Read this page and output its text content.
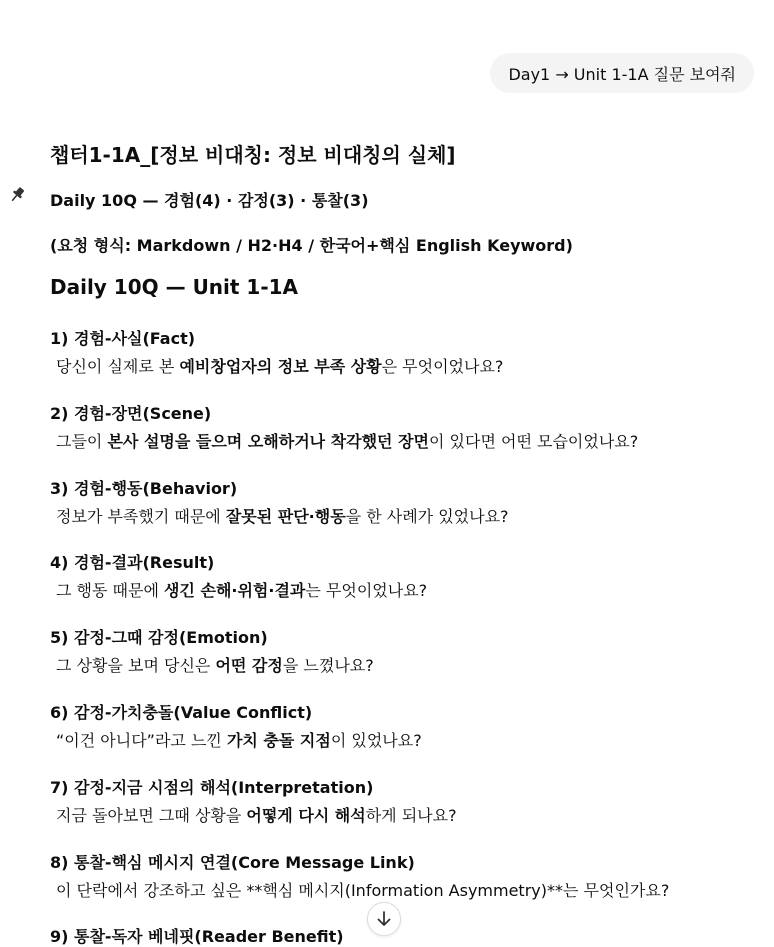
Day1 → Unit 1-1A 질문 보여줘
챕터1-1A_[정보 비대칭: 정보 비대칭의 실체]
Daily 10Q — 경험(4) · 감정(3) · 통찰(3)
(요청 형식: Markdown / H2·H4 / 한국어+핵심 English Keyword)
Daily 10Q — Unit 1-1A
1) 경험-사실(Fact)
당신이 실제로 본 예비창업자의 정보 부족 상황은 무엇이었나요?
2) 경험-장면(Scene)
그들이 본사 설명을 들으며 오해하거나 착각했던 장면이 있다면 어떤 모습이었나요?
3) 경험-행동(Behavior)
정보가 부족했기 때문에 잘못된 판단·행동을 한 사례가 있었나요?
4) 경험-결과(Result)
그 행동 때문에 생긴 손해·위험·결과는 무엇이었나요?
5) 감정-그때 감정(Emotion)
그 상황을 보며 당신은 어떤 감정을 느꼈나요?
6) 감정-가치충돌(Value Conflict)
“이건 아니다”라고 느낀 가치 충돌 지점이 있었나요?
7) 감정-지금 시점의 해석(Interpretation)
지금 돌아보면 그때 상황을 어떻게 다시 해석하게 되나요?
8) 통찰-핵심 메시지 연결(Core Message Link)
이 단락에서 강조하고 싶은 **핵심 메시지(Information Asymmetry)**는 무엇인가요?
9) 통찰-독자 베네핏(Reader Benefit)
